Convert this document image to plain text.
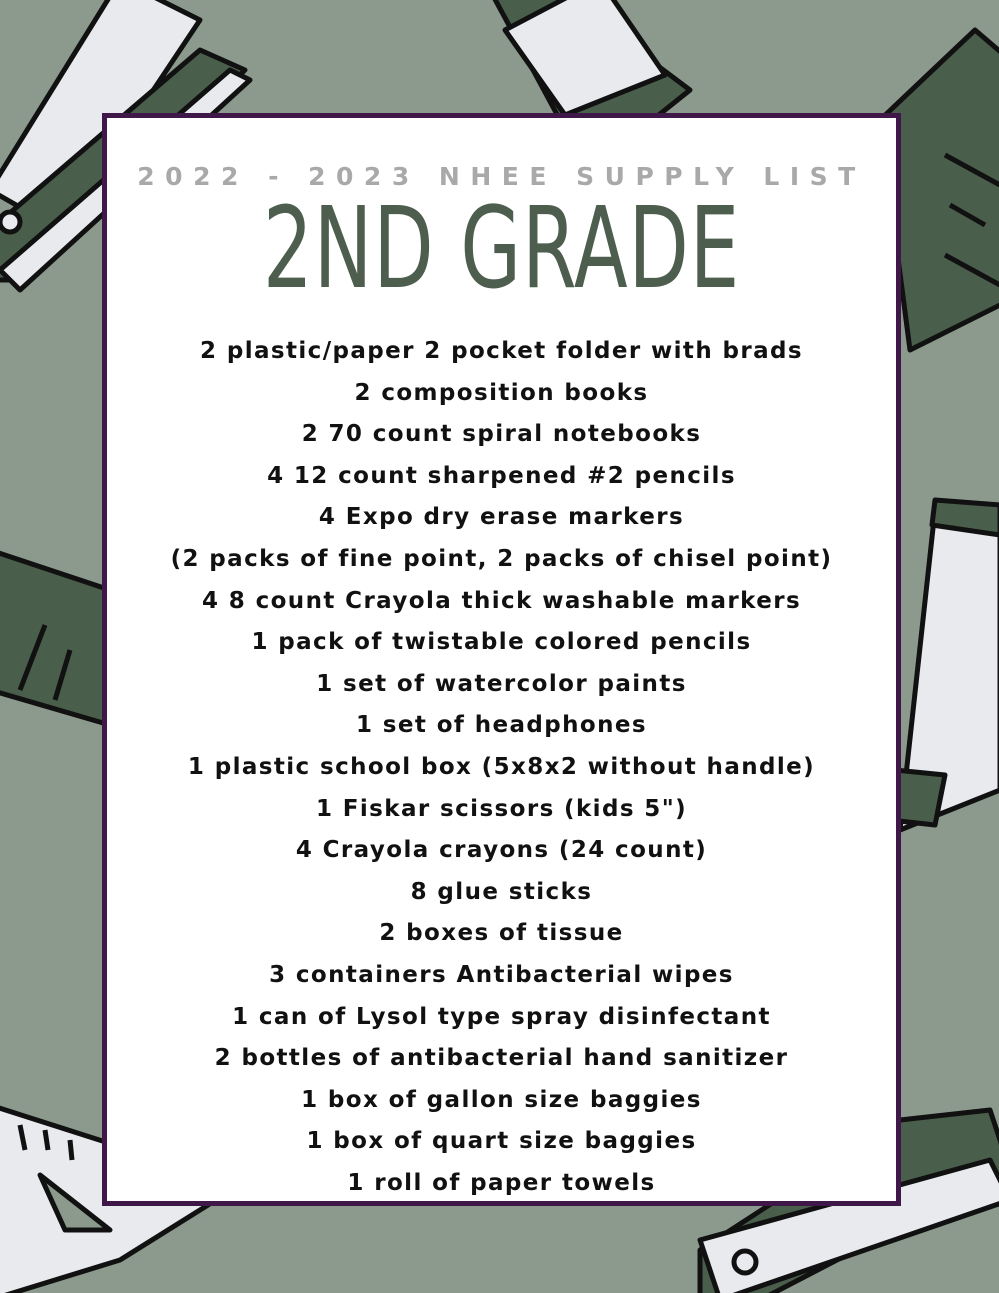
2022 - 2023 NHEE SUPPLY LIST
2ND GRADE
2 plastic/paper 2 pocket folder with brads
2 composition books
2 70 count spiral notebooks
4 12 count sharpened #2 pencils
4 Expo dry erase markers
(2 packs of fine point, 2 packs of chisel point)
4 8 count Crayola thick washable markers
1 pack of twistable colored pencils
1 set of watercolor paints
1 set of headphones
1 plastic school box (5x8x2 without handle)
1 Fiskar scissors (kids 5")
4 Crayola crayons (24 count)
8 glue sticks
2 boxes of tissue
3 containers Antibacterial wipes
1 can of Lysol type spray disinfectant
2 bottles of antibacterial hand sanitizer
1 box of gallon size baggies
1 box of quart size baggies
1 roll of paper towels
